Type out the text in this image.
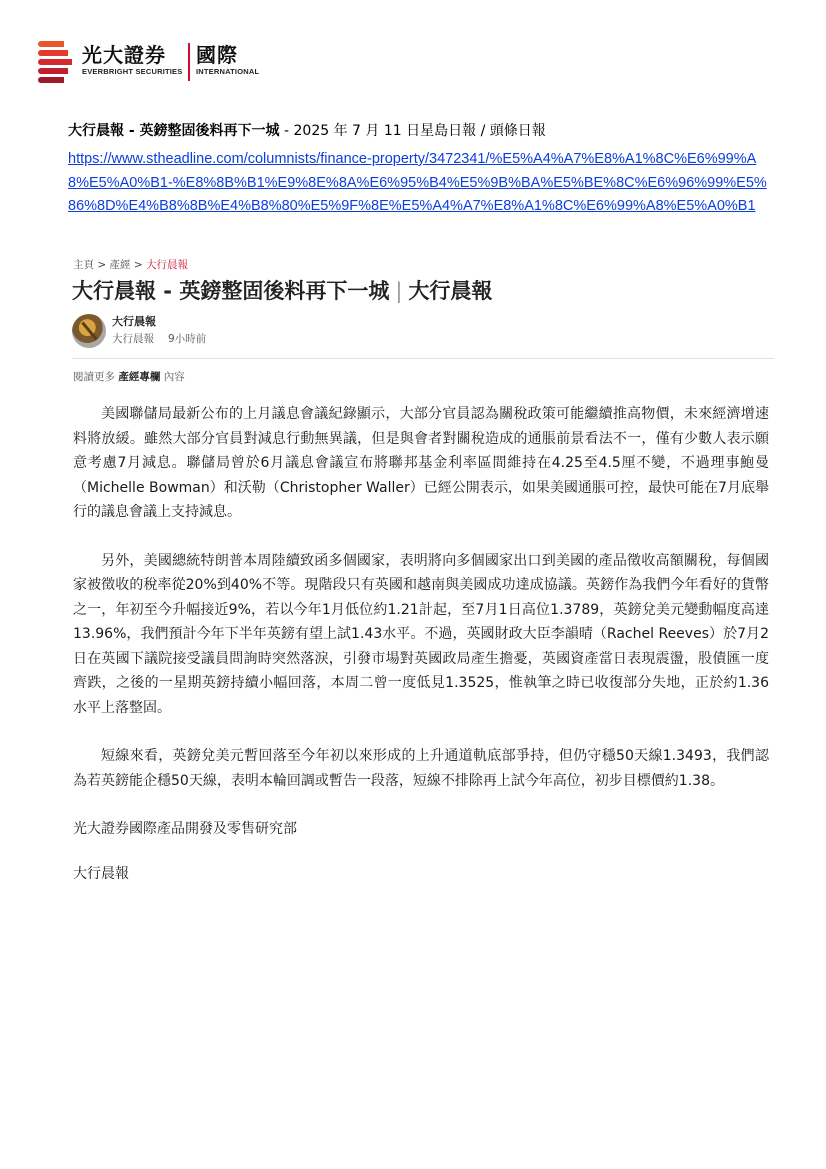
光大證券
EVERBRIGHT SECURITIES
國際
INTERNATIONAL
大行晨報 - 英鎊整固後料再下一城 - 2025 年 7 月 11 日星島日報 / 頭條日報
https://www.stheadline.com/columnists/finance-property/3472341/%E5%A4%A7%E8%A1%8C%E6%99%A8%E5%A0%B1-%E8%8B%B1%E9%8E%8A%E6%95%B4%E5%9B%BA%E5%BE%8C%E6%96%99%E5%86%8D%E4%B8%8B%E4%B8%80%E5%9F%8E%E5%A4%A7%E8%A1%8C%E6%99%A8%E5%A0%B1
主頁 > 產經 > 大行晨報
大行晨報 - 英鎊整固後料再下一城 | 大行晨報
大行晨報
大行晨報 9小時前
閱讀更多 產經專欄 內容

美國聯儲局最新公布的上月議息會議紀錄顯示，大部分官員認為關稅政策可能繼續推高物價，未來經濟增速料將放緩。雖然大部分官員對減息行動無異議，但是與會者對關稅造成的通脹前景看法不一，僅有少數人表示願意考慮7月減息。聯儲局曾於6月議息會議宣布將聯邦基金利率區間維持在4.25至4.5厘不變，不過理事鮑曼（Michelle Bowman）和沃勒（Christopher Waller）已經公開表示，如果美國通脹可控，最快可能在7月底舉行的議息會議上支持減息。

另外，美國總統特朗普本周陸續致函多個國家，表明將向多個國家出口到美國的產品徵收高額關稅，每個國家被徵收的稅率從20%到40%不等。現階段只有英國和越南與美國成功達成協議。英鎊作為我們今年看好的貨幣之一，年初至今升幅接近9%，若以今年1月低位約1.21計起，至7月1日高位1.3789，英鎊兌美元變動幅度高達13.96%，我們預計今年下半年英鎊有望上試1.43水平。不過，英國財政大臣李韻晴（Rachel Reeves）於7月2日在英國下議院接受議員問詢時突然落淚，引發市場對英國政局產生擔憂，英國資產當日表現震盪，股債匯一度齊跌，之後的一星期英鎊持續小幅回落，本周二曾一度低見1.3525，惟執筆之時已收復部分失地，正於約1.36水平上落整固。

短線來看，英鎊兌美元暫回落至今年初以來形成的上升通道軌底部爭持，但仍守穩50天線1.3493，我們認為若英鎊能企穩50天線，表明本輪回調或暫告一段落，短線不排除再上試今年高位，初步目標價約1.38。

光大證券國際產品開發及零售研究部
大行晨報
